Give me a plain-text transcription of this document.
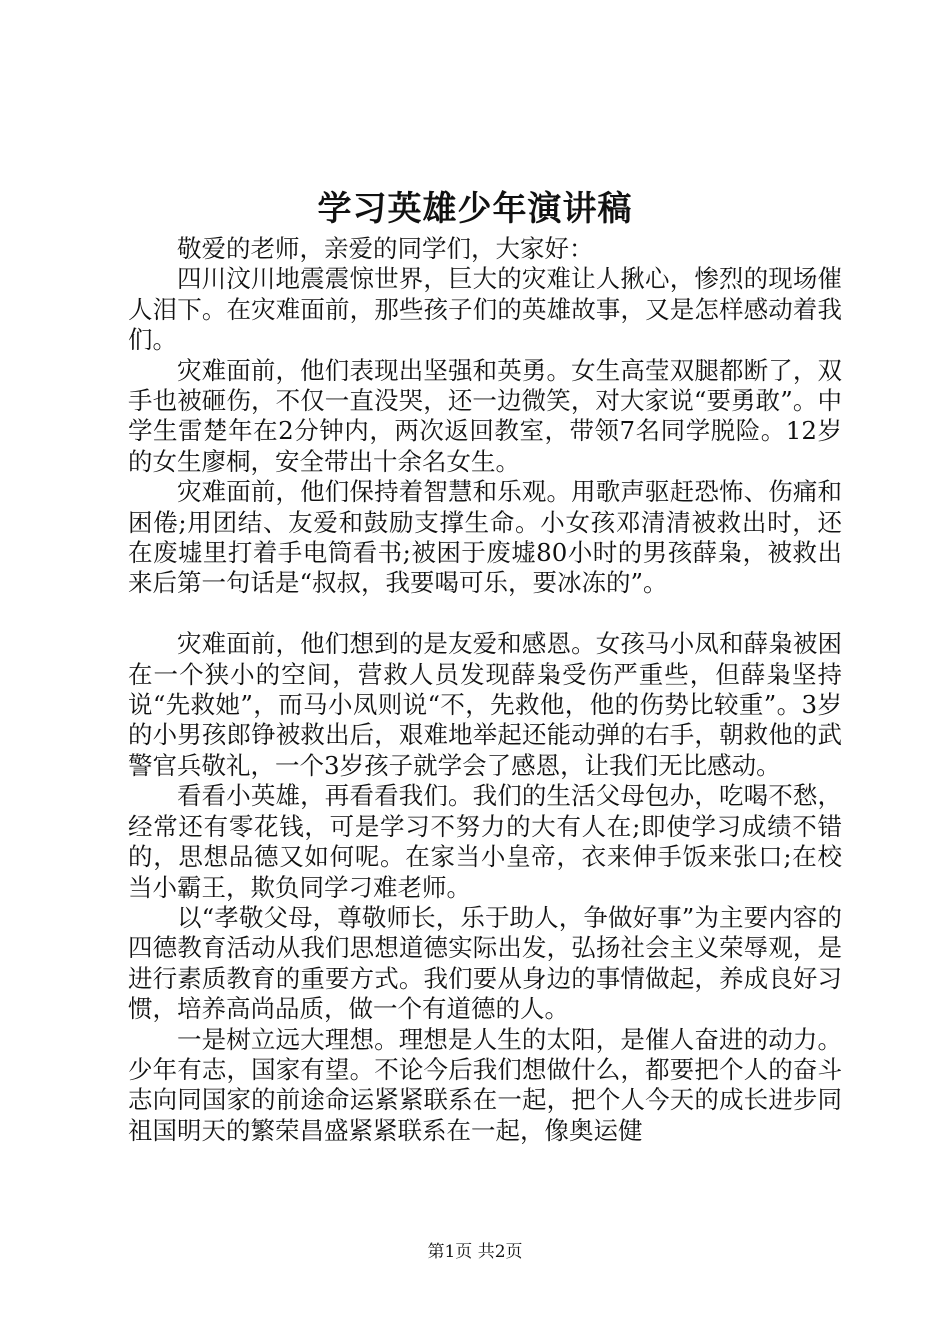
学习英雄少年演讲稿

敬爱的老师，亲爱的同学们，大家好：

四川汶川地震震惊世界，巨大的灾难让人揪心，惨烈的现场催人泪下。在灾难面前，那些孩子们的英雄故事，又是怎样感动着我们。

灾难面前，他们表现出坚强和英勇。女生高莹双腿都断了，双手也被砸伤，不仅一直没哭，还一边微笑，对大家说“要勇敢”。中学生雷楚年在2分钟内，两次返回教室，带领7名同学脱险。12岁的女生廖桐，安全带出十余名女生。

灾难面前，他们保持着智慧和乐观。用歌声驱赶恐怖、伤痛和困倦;用团结、友爱和鼓励支撑生命。小女孩邓清清被救出时，还在废墟里打着手电筒看书;被困于废墟80小时的男孩薛枭，被救出来后第一句话是“叔叔，我要喝可乐，要冰冻的”。

灾难面前，他们想到的是友爱和感恩。女孩马小凤和薛枭被困在一个狭小的空间，营救人员发现薛枭受伤严重些，但薛枭坚持说“先救她”，而马小凤则说“不，先救他，他的伤势比较重”。3岁的小男孩郎铮被救出后，艰难地举起还能动弹的右手，朝救他的武警官兵敬礼，一个3岁孩子就学会了感恩，让我们无比感动。

看看小英雄，再看看我们。我们的生活父母包办，吃喝不愁，经常还有零花钱，可是学习不努力的大有人在;即使学习成绩不错的，思想品德又如何呢。在家当小皇帝，衣来伸手饭来张口;在校当小霸王，欺负同学刁难老师。

以“孝敬父母，尊敬师长，乐于助人，争做好事”为主要内容的四德教育活动从我们思想道德实际出发，弘扬社会主义荣辱观，是进行素质教育的重要方式。我们要从身边的事情做起，养成良好习惯，培养高尚品质，做一个有道德的人。

一是树立远大理想。理想是人生的太阳，是催人奋进的动力。少年有志，国家有望。不论今后我们想做什么，都要把个人的奋斗志向同国家的前途命运紧紧联系在一起，把个人今天的成长进步同祖国明天的繁荣昌盛紧紧联系在一起，像奥运健

第1页 共2页
